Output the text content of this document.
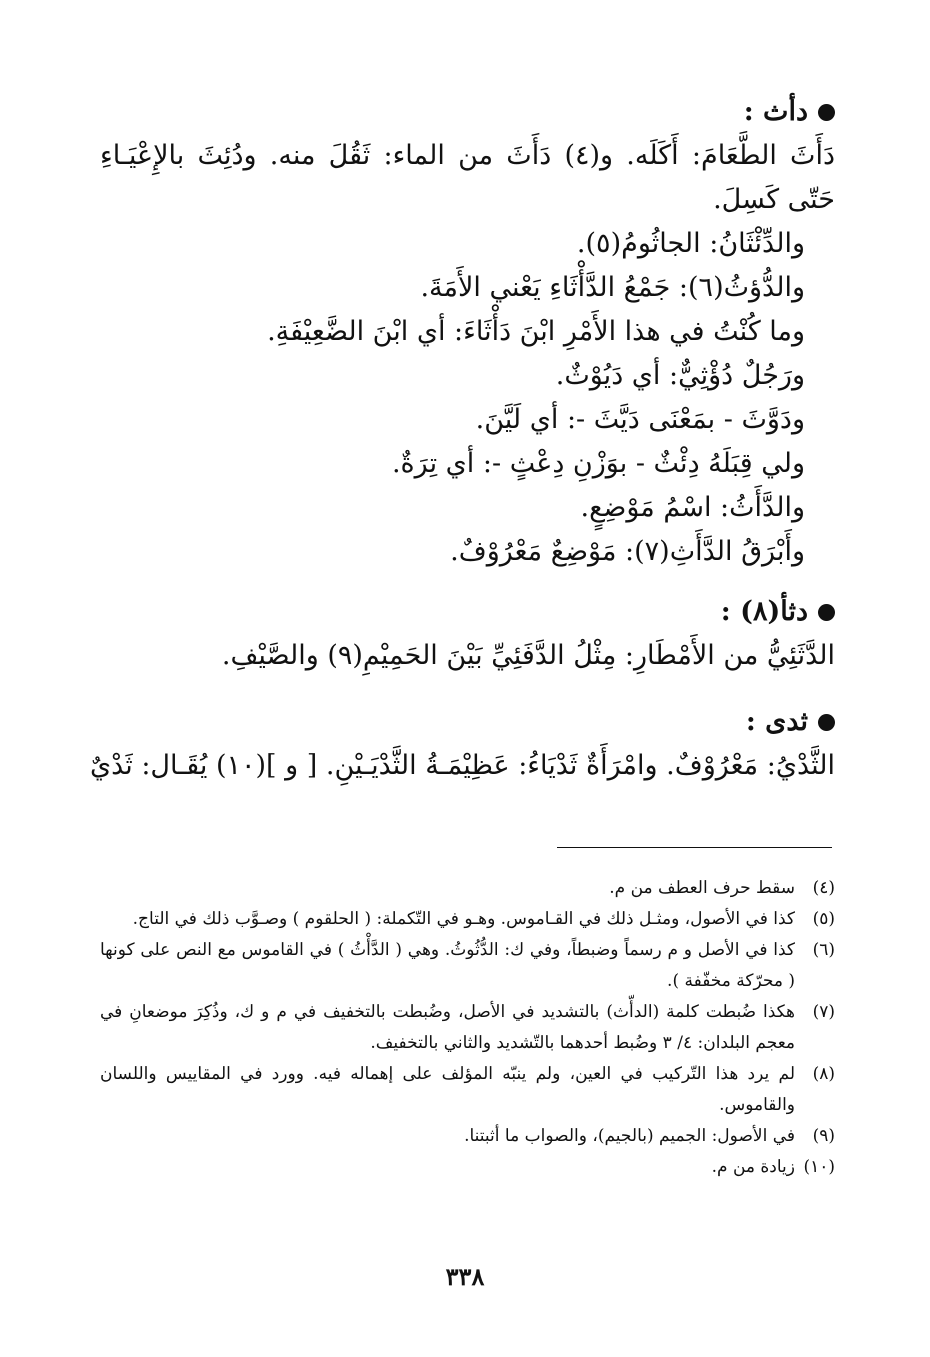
دأث :

دَأَثَ الطَّعَامَ: أَكَلَه. و(٤) دَأَثَ من الماء: ثَقُلَ منه. ودُئِثَ بالإِعْيَـاءِ حَتّى كَسِلَ.

والدِّئْثَانُ: الجاثُومُ(٥).

والدُّؤثُ(٦): جَمْعُ الدَّأْثَاءِ يَعْني الأَمَةَ.

وما كُنْتُ في هذا الأَمْرِ ابْنَ دَأْثَاءَ: أي ابْنَ الضَّعِيْفَةِ.

ورَجُلٌ دُؤْثِيٌّ: أي دَيُوْثٌ.

ودَوَّثَ - بمَعْنَى دَيَّثَ -: أي لَيَّنَ.

ولي قِبَلَهُ دِئْثٌ - بوَزْنِ دِعْثٍ -: أي تِرَةٌ.

والدَّأَثُ: اسْمُ مَوْضِعٍ.

وأَبْرَقُ الدَّأَثِ(٧): مَوْضِعٌ مَعْرُوْفٌ.

دثأ(٨) :

الدَّثَئِيُّ من الأَمْطَارِ: مِثْلُ الدَّفَئِيِّ بَيْنَ الحَمِيْمِ(٩) والصَّيْفِ.

ثدى :

الثَّدْيُ: مَعْرُوْفٌ. وامْرَأَةٌ ثَدْيَاءُ: عَظِيْمَـةُ الثَّدْيَـيْنِ. [ و ](١٠) يُقَـال: ثَدْيٌ

(٤)
سقط حرف العطف من م.
(٥)
كذا في الأصول، ومثـل ذلك في القـاموس. وهـو في التّكملة: ( الحلقوم ) وصـوَّب ذلك في التاج.
(٦)
كذا في الأصل و م رسماً وضبطاً، وفي ك: الدُّثُوثُ. وهي ( الدَّأْثُ ) في القاموس مع النص على كونها ( محرّكة مخفّفة ).
(٧)
هكذا ضُبطت كلمة (الدأّث) بالتشديد في الأصل، وضُبطت بالتخفيف في م و ك، وذُكِرَ موضعانِ في معجم البلدان: ٤/ ٣ وضُبط أحدهما بالتّشديد والثاني بالتخفيف.
(٨)
لم يرد هذا التّركيب في العين، ولم ينبّه المؤلف على إهماله فيه. وورد في المقاييس واللسان والقاموس.
(٩)
في الأصول: الجميم (بالجيم)، والصواب ما أثبتنا.
(١٠)
زيادة من م.
٣٣٨
